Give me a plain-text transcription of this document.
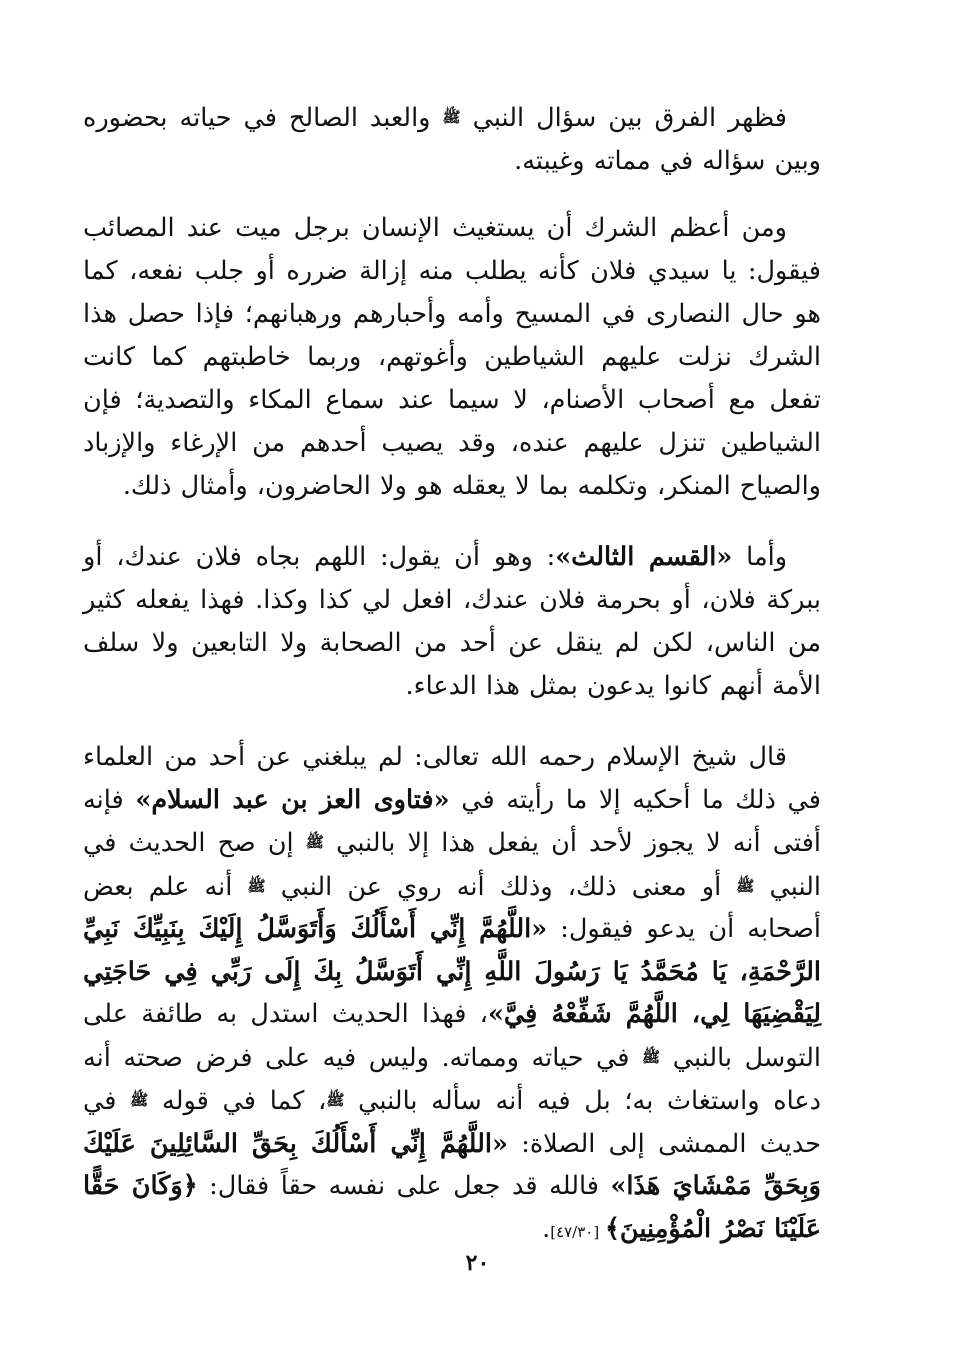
فظهر الفرق بين سؤال النبي ﷺ والعبد الصالح في حياته بحضوره وبين سؤاله في مماته وغيبته.

ومن أعظم الشرك أن يستغيث الإنسان برجل ميت عند المصائب فيقول: يا سيدي فلان كأنه يطلب منه إزالة ضرره أو جلب نفعه، كما هو حال النصارى في المسيح وأمه وأحبارهم ورهبانهم؛ فإذا حصل هذا الشرك نزلت عليهم الشياطين وأغوتهم، وربما خاطبتهم كما كانت تفعل مع أصحاب الأصنام، لا سيما عند سماع المكاء والتصدية؛ فإن الشياطين تنزل عليهم عنده، وقد يصيب أحدهم من الإرغاء والإزباد والصياح المنكر، وتكلمه بما لا يعقله هو ولا الحاضرون، وأمثال ذلك.

وأما «القسم الثالث»: وهو أن يقول: اللهم بجاه فلان عندك، أو ببركة فلان، أو بحرمة فلان عندك، افعل لي كذا وكذا. فهذا يفعله كثير من الناس، لكن لم ينقل عن أحد من الصحابة ولا التابعين ولا سلف الأمة أنهم كانوا يدعون بمثل هذا الدعاء.

قال شيخ الإسلام رحمه الله تعالى: لم يبلغني عن أحد من العلماء في ذلك ما أحكيه إلا ما رأيته في «فتاوى العز بن عبد السلام» فإنه أفتى أنه لا يجوز لأحد أن يفعل هذا إلا بالنبي ﷺ إن صح الحديث في النبي ﷺ أو معنى ذلك، وذلك أنه روي عن النبي ﷺ أنه علم بعض أصحابه أن يدعو فيقول: «اللَّهُمَّ إِنِّي أَسْأَلُكَ وَأَتَوَسَّلُ إِلَيْكَ بِنَبِيِّكَ نَبِيِّ الرَّحْمَةِ، يَا مُحَمَّدُ يَا رَسُولَ اللَّهِ إِنِّي أَتَوَسَّلُ بِكَ إِلَى رَبِّي فِي حَاجَتِي لِيَقْضِيَهَا لِي، اللَّهُمَّ شَفِّعْهُ فِيَّ»، فهذا الحديث استدل به طائفة على التوسل بالنبي ﷺ في حياته ومماته. وليس فيه على فرض صحته أنه دعاه واستغاث به؛ بل فيه أنه سأله بالنبي ﷺ، كما في قوله ﷺ في حديث الممشى إلى الصلاة: «اللَّهُمَّ إِنِّي أَسْأَلُكَ بِحَقِّ السَّائِلِينَ عَلَيْكَ وَبِحَقِّ مَمْشَايَ هَذَا» فالله قد جعل على نفسه حقاً فقال: ﴿وَكَانَ حَقًّا عَلَيْنَا نَصْرُ الْمُؤْمِنِينَ﴾ [٤٧/٣٠].

٢٠
